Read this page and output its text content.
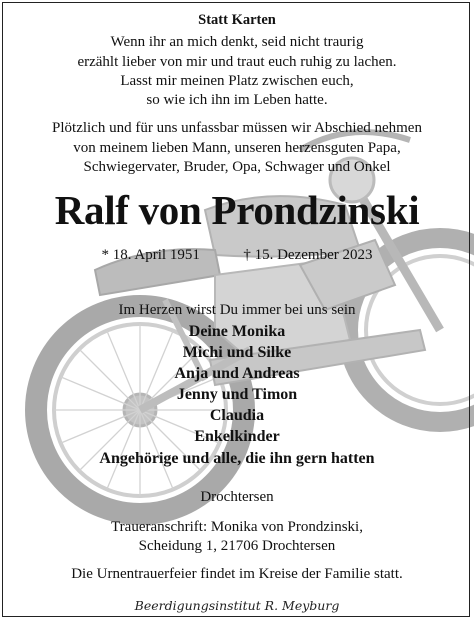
Statt Karten
Wenn ihr an mich denkt, seid nicht traurig
erzählt lieber von mir und traut euch ruhig zu lachen.
Lasst mir meinen Platz zwischen euch,
so wie ich ihn im Leben hatte.
Plötzlich und für uns unfassbar müssen wir Abschied nehmen
von meinem lieben Mann, unseren herzensguten Papa,
Schwiegervater, Bruder, Opa, Schwager und Onkel
Ralf von Prondzinski
* 18. April 1951	† 15. Dezember 2023
Im Herzen wirst Du immer bei uns sein
Deine Monika
Michi und Silke
Anja und Andreas
Jenny und Timon
Claudia
Enkelkinder
Angehörige und alle, die ihn gern hatten
Drochtersen
Traueranschrift: Monika von Prondzinski,
Scheidung 1, 21706 Drochtersen
Die Urnentrauerfeier findet im Kreise der Familie statt.
Beerdigungsinstitut R. Meyburg
